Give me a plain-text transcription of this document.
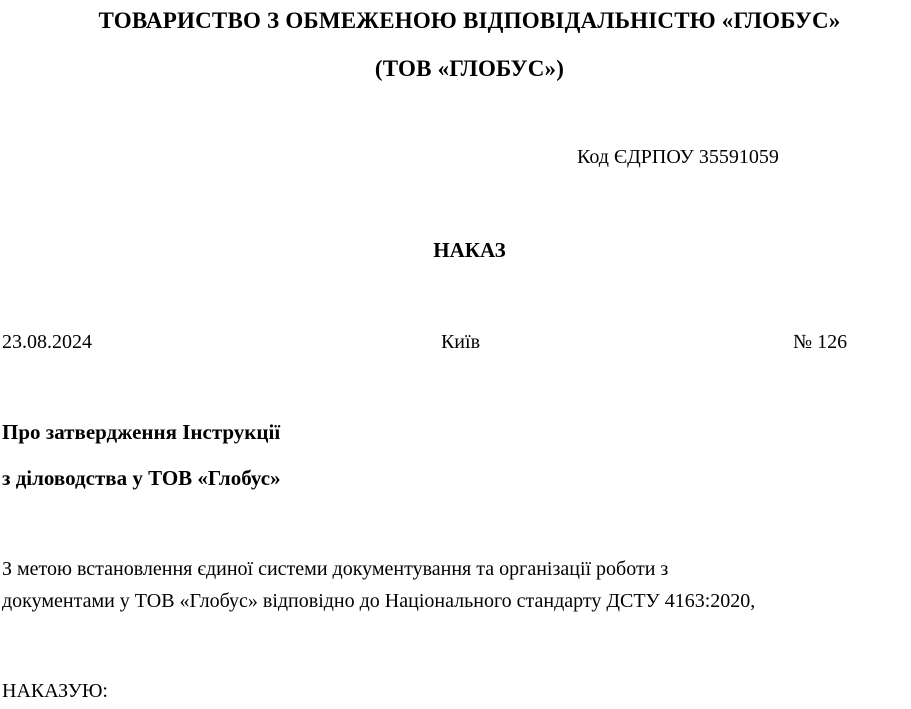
ТОВАРИСТВО З ОБМЕЖЕНОЮ ВІДПОВІДАЛЬНІСТЮ «ГЛОБУС»
(ТОВ «ГЛОБУС»)
Код ЄДРПОУ 35591059
НАКАЗ
23.08.2024	Київ	№ 126
Про затвердження Інструкції
з діловодства у ТОВ «Глобус»
З метою встановлення єдиної системи документування та організації роботи з
документами у ТОВ «Глобус» відповідно до Національного стандарту ДСТУ 4163:2020,
НАКАЗУЮ:
